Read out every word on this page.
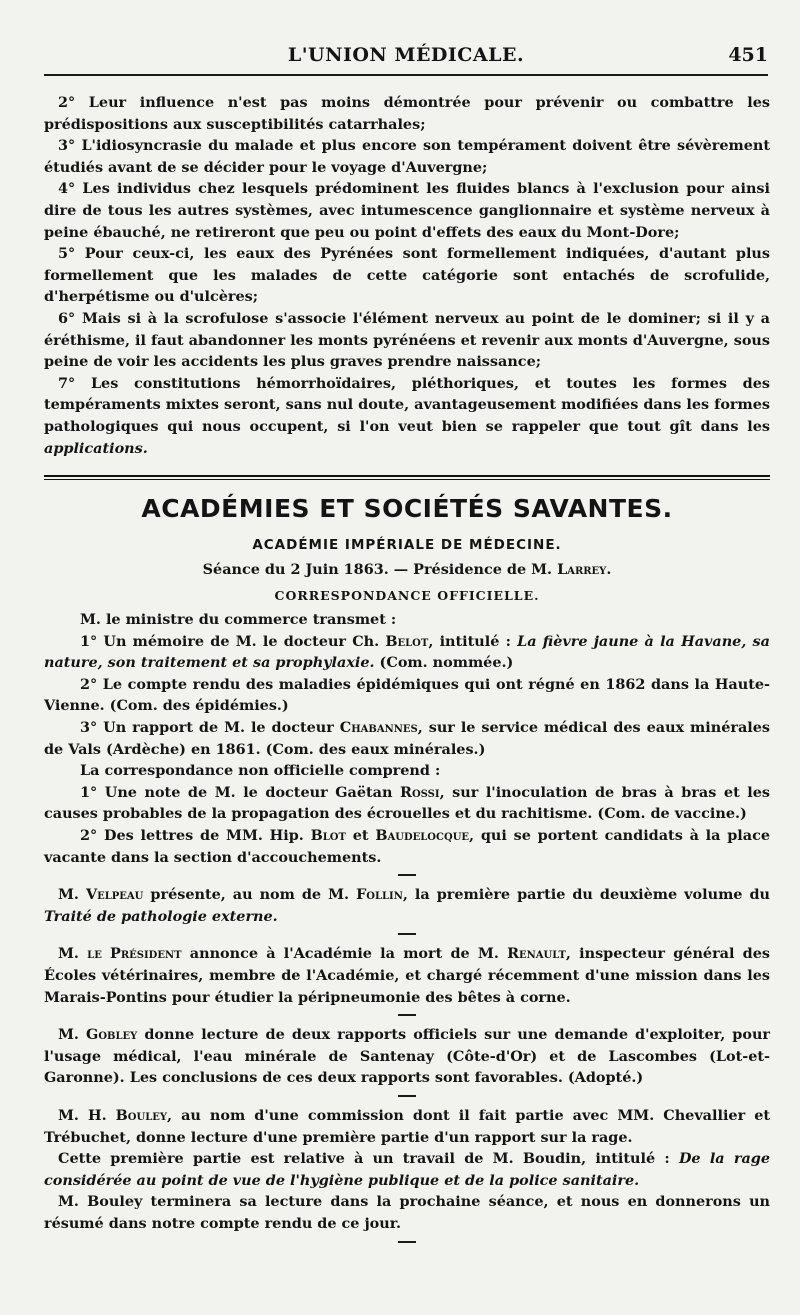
L'UNION MÉDICALE.	451

2° Leur influence n'est pas moins démontrée pour prévenir ou combattre les prédispositions aux susceptibilités catarrhales;

3° L'idiosyncrasie du malade et plus encore son tempérament doivent être sévèrement étudiés avant de se décider pour le voyage d'Auvergne;

4° Les individus chez lesquels prédominent les fluides blancs à l'exclusion pour ainsi dire de tous les autres systèmes, avec intumescence ganglionnaire et système nerveux à peine ébauché, ne retireront que peu ou point d'effets des eaux du Mont-Dore;

5° Pour ceux-ci, les eaux des Pyrénées sont formellement indiquées, d'autant plus formellement que les malades de cette catégorie sont entachés de scrofulide, d'herpétisme ou d'ulcères;

6° Mais si à la scrofulose s'associe l'élément nerveux au point de le dominer; si il y a éréthisme, il faut abandonner les monts pyrénéens et revenir aux monts d'Auvergne, sous peine de voir les accidents les plus graves prendre naissance;

7° Les constitutions hémorrhoïdaires, pléthoriques, et toutes les formes des tempéraments mixtes seront, sans nul doute, avantageusement modifiées dans les formes pathologiques qui nous occupent, si l'on veut bien se rappeler que tout gît dans les applications.

ACADÉMIES ET SOCIÉTÉS SAVANTES.
ACADÉMIE IMPÉRIALE DE MÉDECINE.
Séance du 2 Juin 1863. — Présidence de M. Larrey.
CORRESPONDANCE OFFICIELLE.

M. le ministre du commerce transmet :

1° Un mémoire de M. le docteur Ch. Belot, intitulé : La fièvre jaune à la Havane, sa nature, son traitement et sa prophylaxie. (Com. nommée.)

2° Le compte rendu des maladies épidémiques qui ont régné en 1862 dans la Haute-Vienne. (Com. des épidémies.)

3° Un rapport de M. le docteur Chabannes, sur le service médical des eaux minérales de Vals (Ardèche) en 1861. (Com. des eaux minérales.)

La correspondance non officielle comprend :

1° Une note de M. le docteur Gaëtan Rossi, sur l'inoculation de bras à bras et les causes probables de la propagation des écrouelles et du rachitisme. (Com. de vaccine.)

2° Des lettres de MM. Hip. Blot et Baudelocque, qui se portent candidats à la place vacante dans la section d'accouchements.

M. Velpeau présente, au nom de M. Follin, la première partie du deuxième volume du Traité de pathologie externe.

M. le Président annonce à l'Académie la mort de M. Renault, inspecteur général des Écoles vétérinaires, membre de l'Académie, et chargé récemment d'une mission dans les Marais-Pontins pour étudier la péripneumonie des bêtes à corne.

M. Gobley donne lecture de deux rapports officiels sur une demande d'exploiter, pour l'usage médical, l'eau minérale de Santenay (Côte-d'Or) et de Lascombes (Lot-et-Garonne). Les conclusions de ces deux rapports sont favorables. (Adopté.)

M. H. Bouley, au nom d'une commission dont il fait partie avec MM. Chevallier et Trébuchet, donne lecture d'une première partie d'un rapport sur la rage.

Cette première partie est relative à un travail de M. Boudin, intitulé : De la rage considérée au point de vue de l'hygiène publique et de la police sanitaire.

M. Bouley terminera sa lecture dans la prochaine séance, et nous en donnerons un résumé dans notre compte rendu de ce jour.
